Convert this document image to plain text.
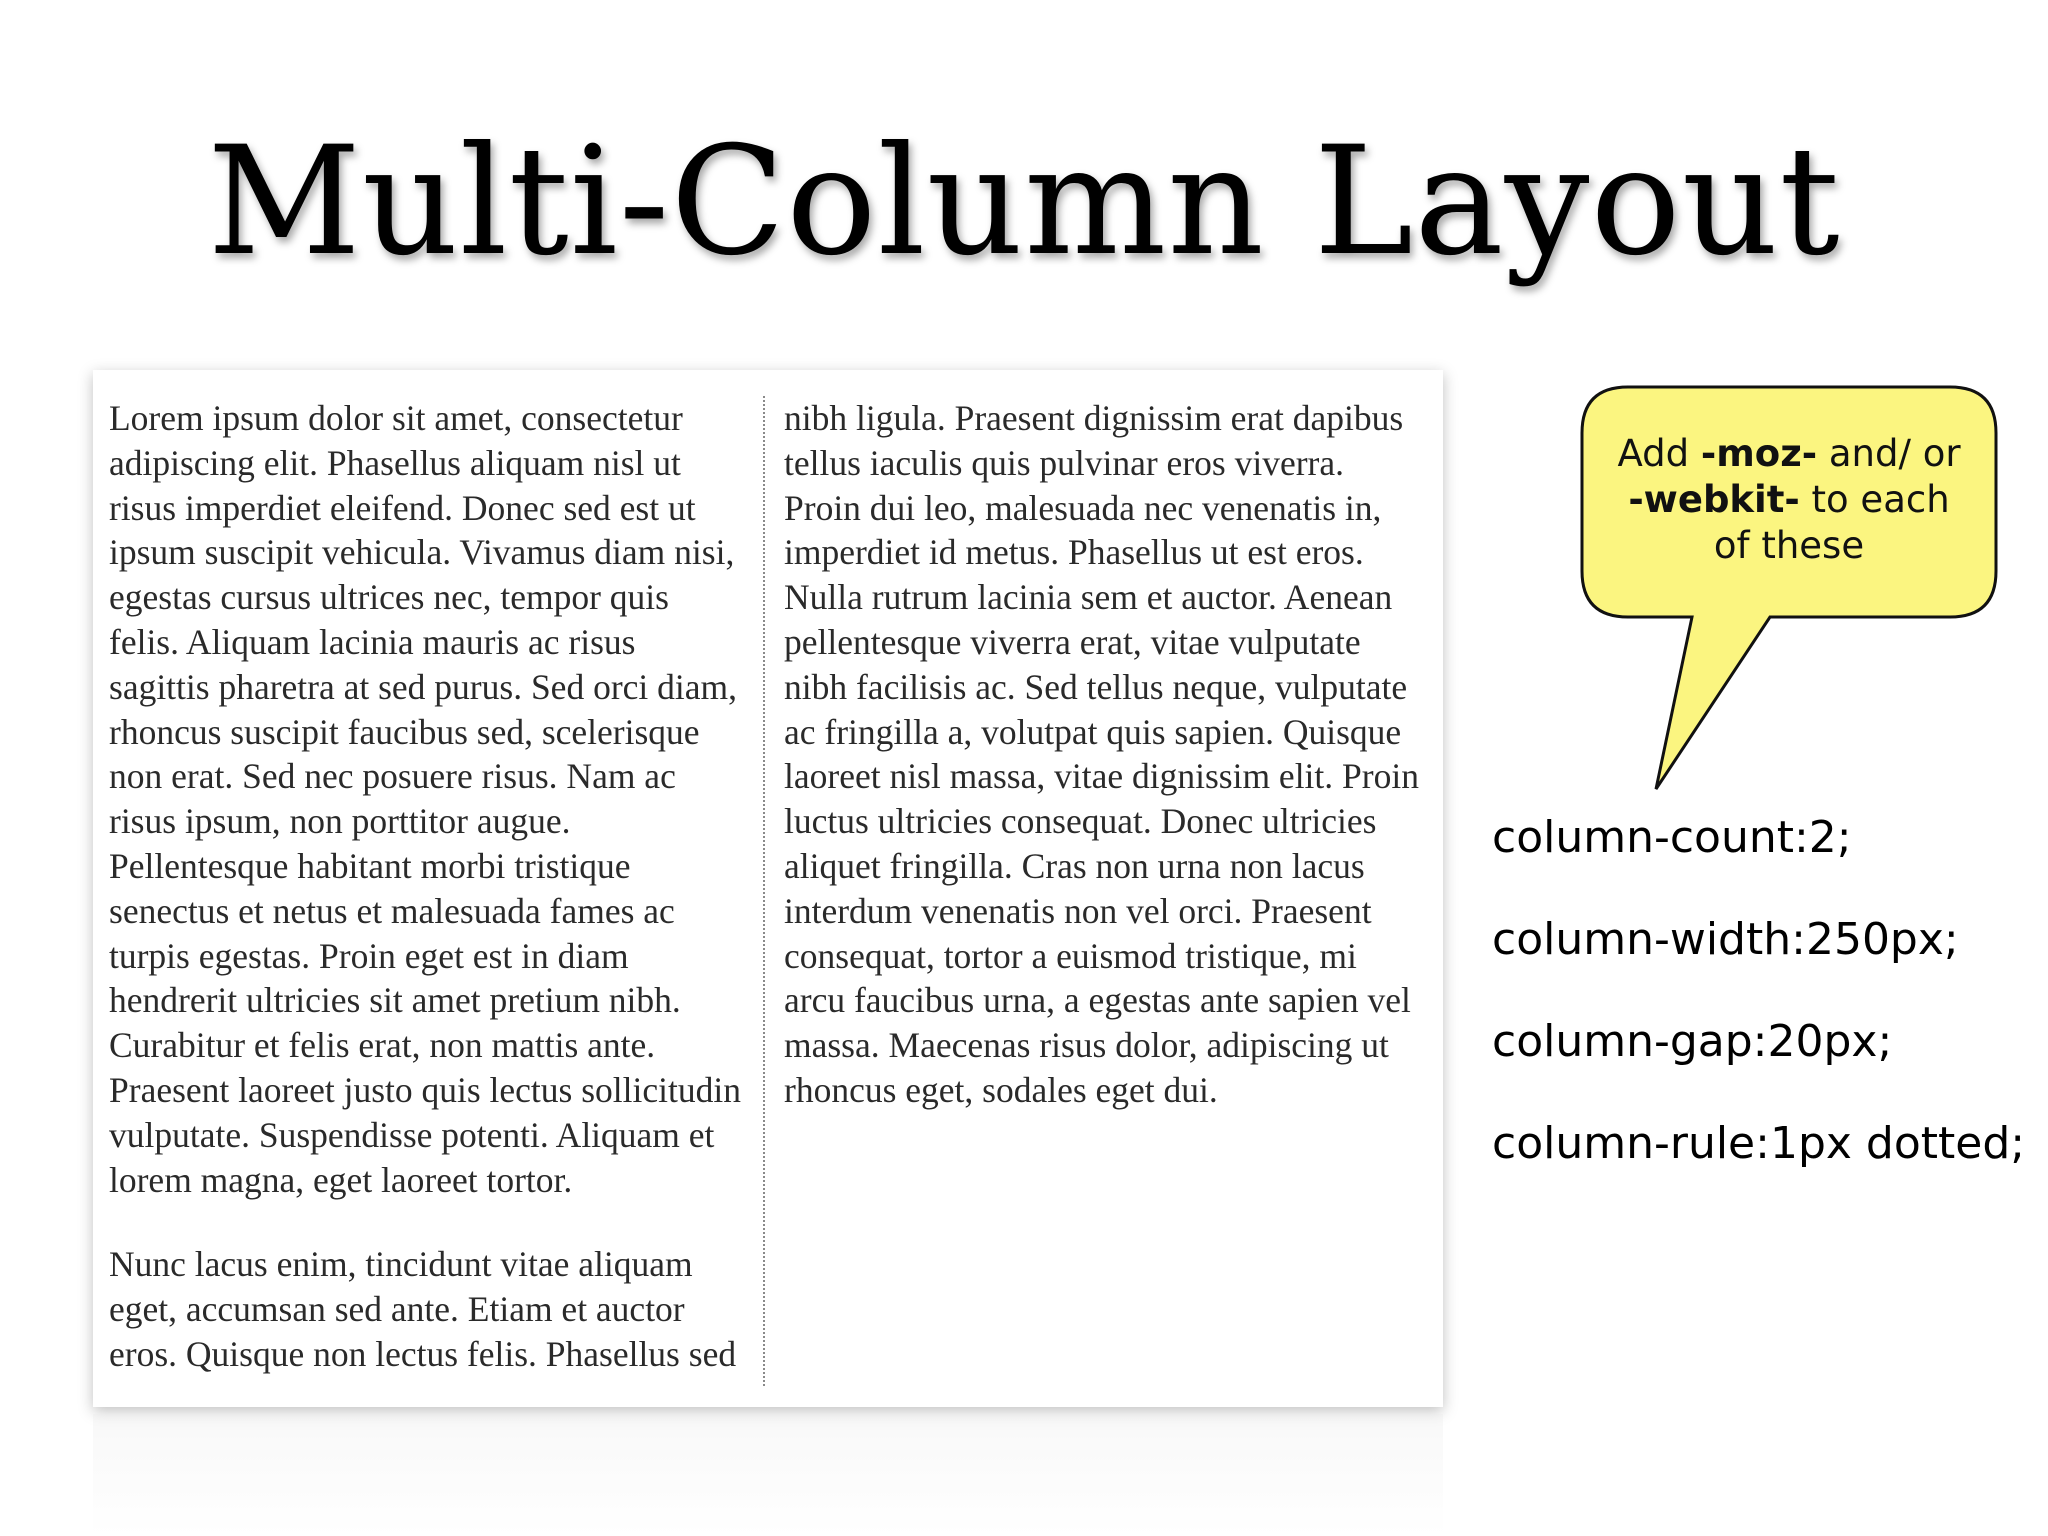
Multi-Column Layout

Lorem ipsum dolor sit amet, consectetur adipiscing elit. Phasellus aliquam nisl ut risus imperdiet eleifend. Donec sed est ut ipsum suscipit vehicula. Vivamus diam nisi, egestas cursus ultrices nec, tempor quis felis. Aliquam lacinia mauris ac risus sagittis pharetra at sed purus. Sed orci diam, rhoncus suscipit faucibus sed, scelerisque non erat. Sed nec posuere risus. Nam ac risus ipsum, non porttitor augue. Pellentesque habitant morbi tristique senectus et netus et malesuada fames ac turpis egestas. Proin eget est in diam hendrerit ultricies sit amet pretium nibh. Curabitur et felis erat, non mattis ante. Praesent laoreet justo quis lectus sollicitudin vulputate. Suspendisse potenti. Aliquam et lorem magna, eget laoreet tortor.

Nunc lacus enim, tincidunt vitae aliquam eget, accumsan sed ante. Etiam et auctor eros. Quisque non lectus felis. Phasellus sed nibh ligula. Praesent dignissim erat dapibus tellus iaculis quis pulvinar eros viverra. Proin dui leo, malesuada nec venenatis in, imperdiet id metus. Phasellus ut est eros. Nulla rutrum lacinia sem et auctor. Aenean pellentesque viverra erat, vitae vulputate nibh facilisis ac. Sed tellus neque, vulputate ac fringilla a, volutpat quis sapien. Quisque laoreet nisl massa, vitae dignissim elit. Proin luctus ultricies consequat. Donec ultricies aliquet fringilla. Cras non urna non lacus interdum venenatis non vel orci. Praesent consequat, tortor a euismod tristique, mi arcu faucibus urna, a egestas ante sapien vel massa. Maecenas risus dolor, adipiscing ut rhoncus eget, sodales eget dui.

Add -moz- and/ or -webkit- to each of these
column-count:2;
column-width:250px;
column-gap:20px;
column-rule:1px dotted;
